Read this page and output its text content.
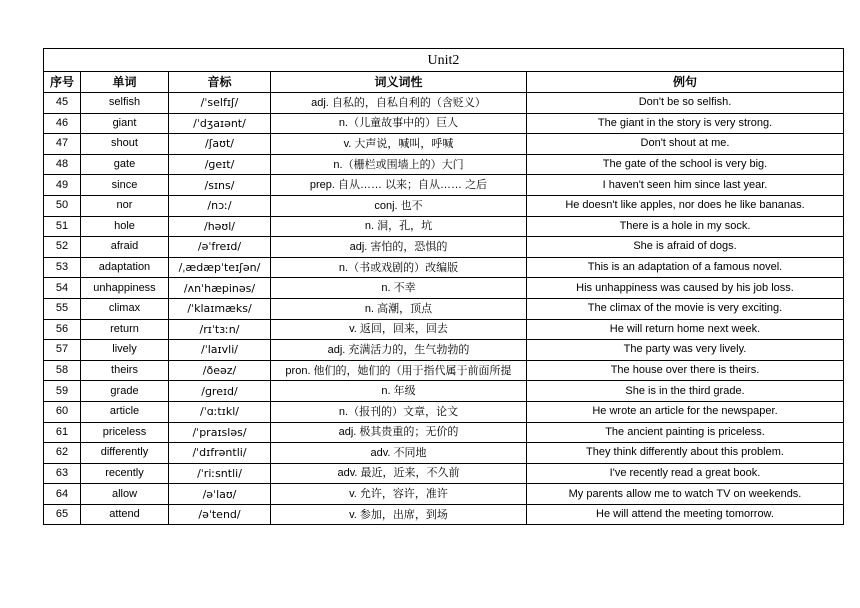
Unit2				
序号	单词	音标	词义词性	例句
45	selfish	/ˈselfɪʃ/	adj. 自私的，自私自利的（含贬义）	Don't be so selfish.
46	giant	/ˈdʒaɪənt/	n.（儿童故事中的）巨人	The giant in the story is very strong.
47	shout	/ʃaʊt/	v. 大声说，喊叫，呼喊	Don't shout at me.
48	gate	/ɡeɪt/	n.（栅栏或围墙上的）大门	The gate of the school is very big.
49	since	/sɪns/	prep. 自从…… 以来；自从…… 之后	I haven't seen him since last year.
50	nor	/nɔː/	conj. 也不	He doesn't like apples, nor does he like bananas.
51	hole	/həʊl/	n. 洞，孔，坑	There is a hole in my sock.
52	afraid	/əˈfreɪd/	adj. 害怕的，恐惧的	She is afraid of dogs.
53	adaptation	/ˌædæpˈteɪʃən/	n.（书或戏剧的）改编版	This is an adaptation of a famous novel.
54	unhappiness	/ʌnˈhæpinəs/	n. 不幸	His unhappiness was caused by his job loss.
55	climax	/ˈklaɪmæks/	n. 高潮，顶点	The climax of the movie is very exciting.
56	return	/rɪˈtɜːn/	v. 返回，回来，回去	He will return home next week.
57	lively	/ˈlaɪvli/	adj. 充满活力的，生气勃勃的	The party was very lively.
58	theirs	/ðeəz/	pron. 他们的，她们的（用于指代属于前面所提	The house over there is theirs.
59	grade	/ɡreɪd/	n. 年级	She is in the third grade.
60	article	/ˈɑːtɪkl/	n.（报刊的）文章，论文	He wrote an article for the newspaper.
61	priceless	/ˈpraɪsləs/	adj. 极其贵重的；无价的	The ancient painting is priceless.
62	differently	/ˈdɪfrəntli/	adv. 不同地	They think differently about this problem.
63	recently	/ˈriːsntli/	adv. 最近，近来，不久前	I've recently read a great book.
64	allow	/əˈlaʊ/	v. 允许，容许，准许	My parents allow me to watch TV on weekends.
65	attend	/əˈtend/	v. 参加，出席，到场	He will attend the meeting tomorrow.
